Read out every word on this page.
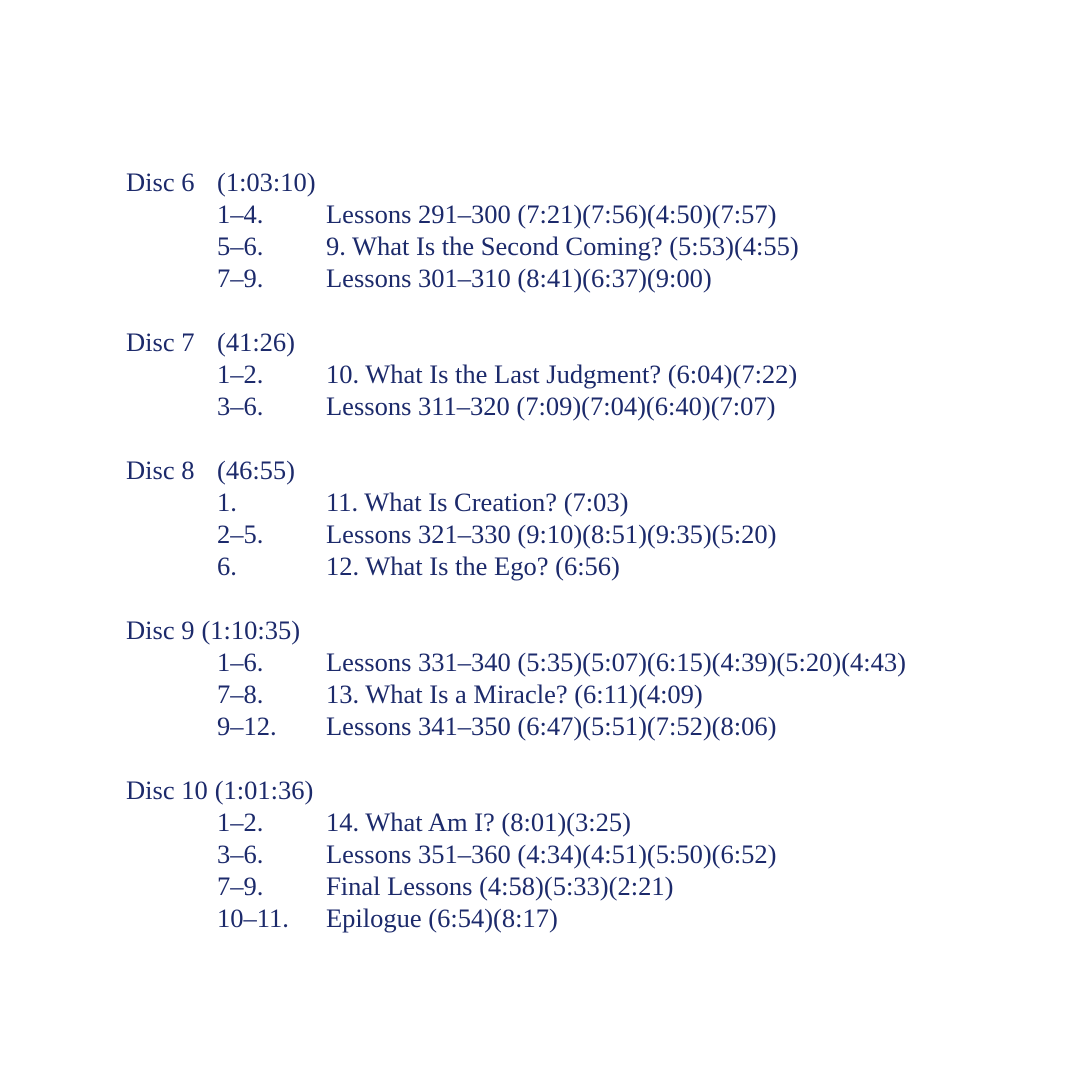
Disc 6 (1:03:10)
1–4. Lessons 291–300 (7:21)(7:56)(4:50)(7:57)
5–6. 9. What Is the Second Coming? (5:53)(4:55)
7–9. Lessons 301–310 (8:41)(6:37)(9:00)
Disc 7 (41:26)
1–2. 10. What Is the Last Judgment? (6:04)(7:22)
3–6. Lessons 311–320 (7:09)(7:04)(6:40)(7:07)
Disc 8 (46:55)
1.	11. What Is Creation? (7:03)
2–5. Lessons 321–330 (9:10)(8:51)(9:35)(5:20)
6.	12. What Is the Ego? (6:56)
Disc 9 (1:10:35)
1–6. Lessons 331–340 (5:35)(5:07)(6:15)(4:39)(5:20)(4:43)
7–8. 13. What Is a Miracle? (6:11)(4:09)
9–12. Lessons 341–350 (6:47)(5:51)(7:52)(8:06)
Disc 10 (1:01:36)
1–2. 14. What Am I? (8:01)(3:25)
3–6. Lessons 351–360 (4:34)(4:51)(5:50)(6:52)
7–9. Final Lessons (4:58)(5:33)(2:21)
10–11. Epilogue (6:54)(8:17)
